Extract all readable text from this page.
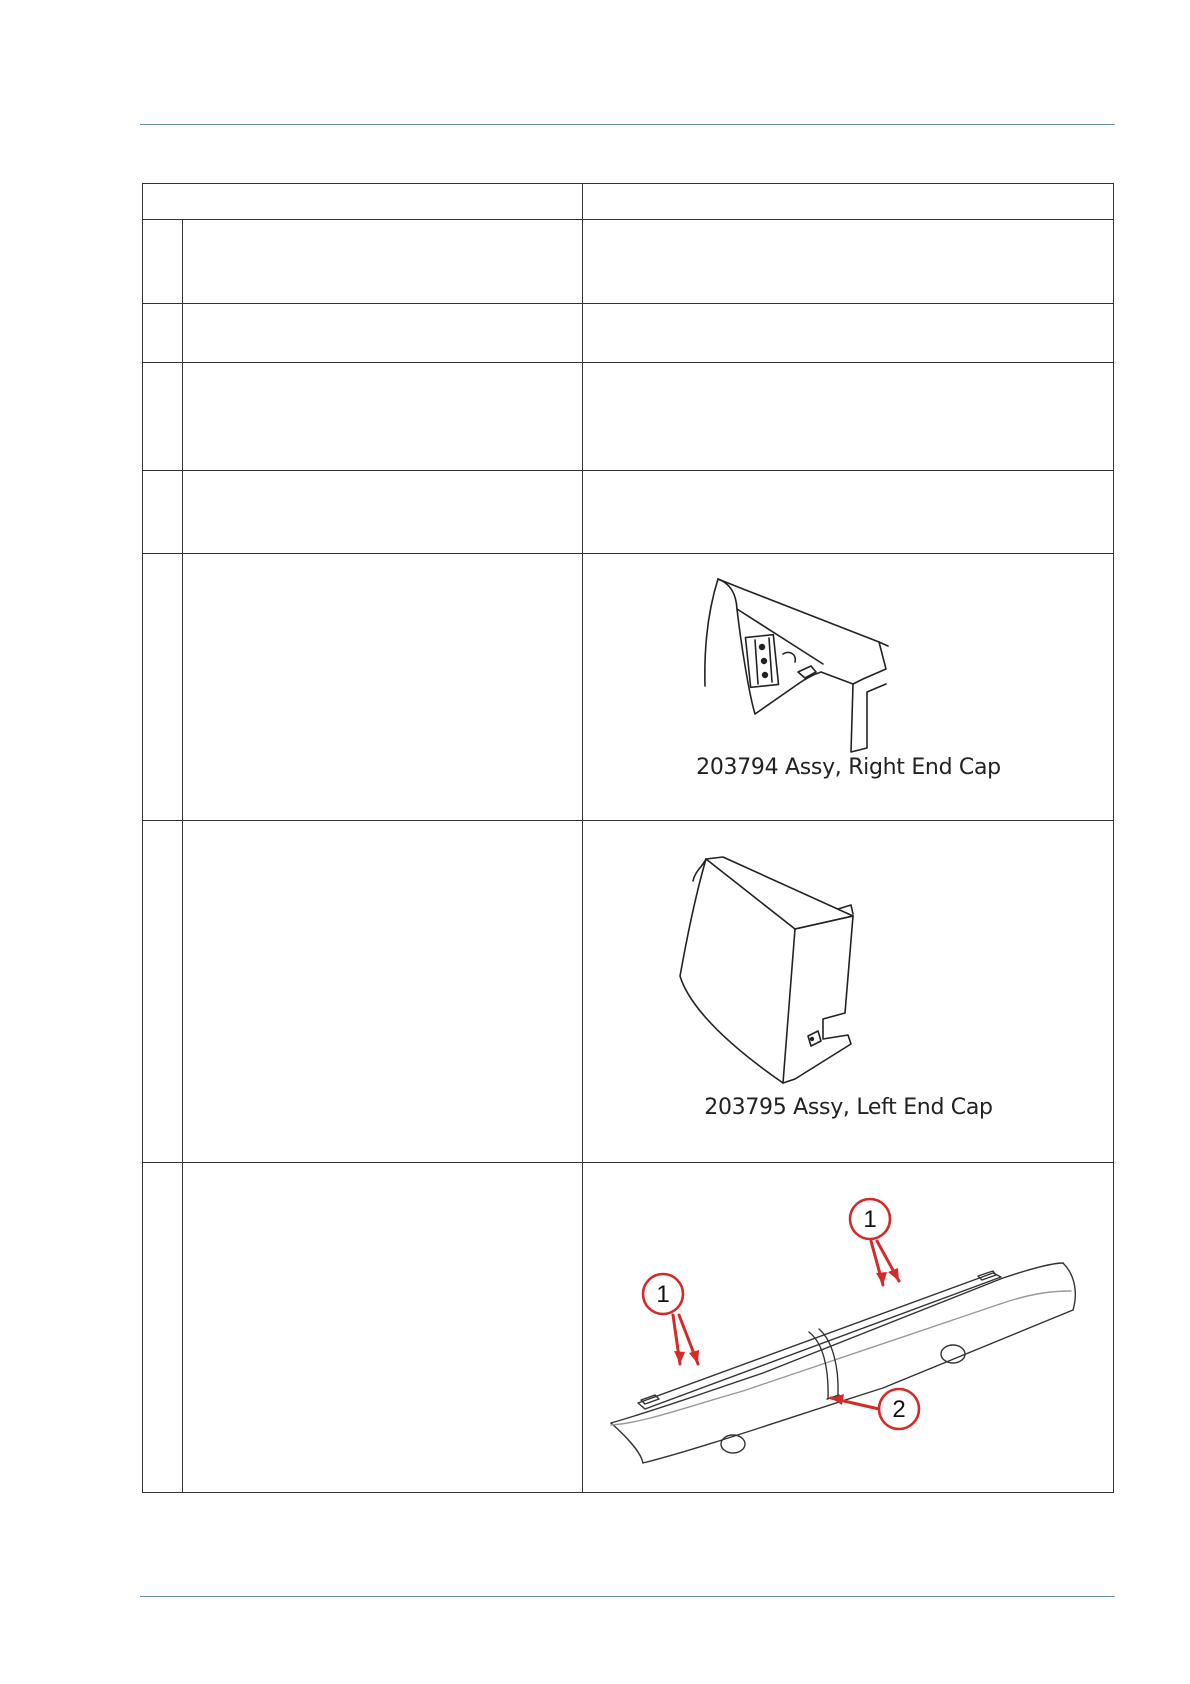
		203794 Assy, Right End Cap

		203795 Assy, Left End Cap

1
1
2
